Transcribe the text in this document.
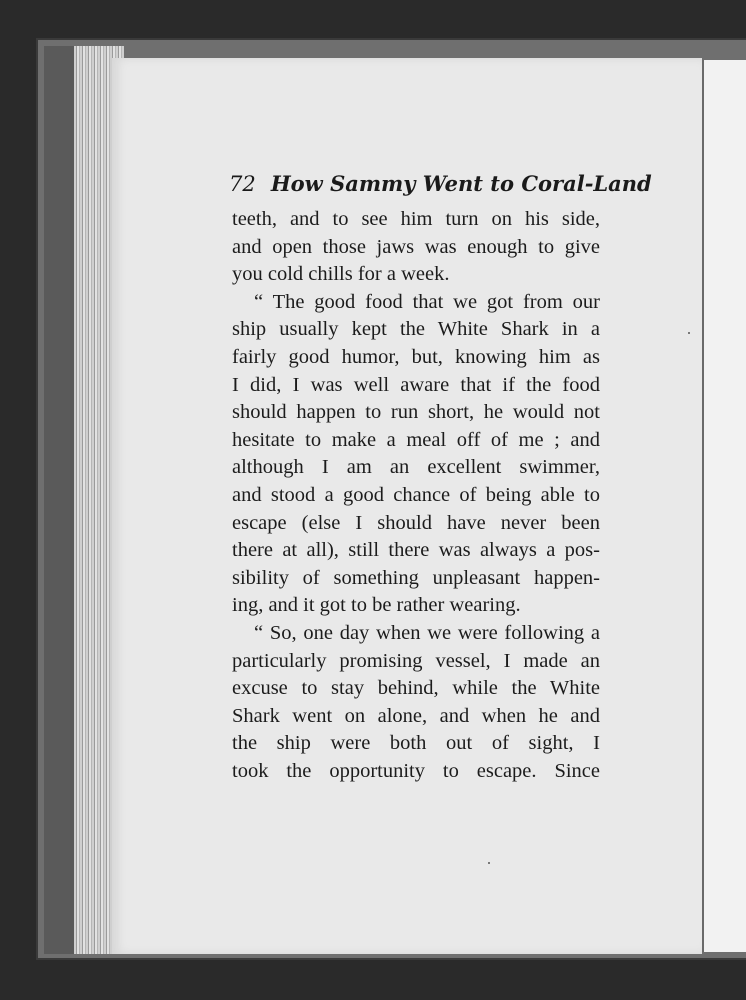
72 How Sammy Went to Coral-Land
teeth, and to see him turn on his side,
and open those jaws was enough to give
you cold chills for a week.
“ The good food that we got from our
ship usually kept the White Shark in a
fairly good humor, but, knowing him as
I did, I was well aware that if the food
should happen to run short, he would not
hesitate to make a meal off of me ; and
although I am an excellent swimmer,
and stood a good chance of being able to
escape (else I should have never been
there at all), still there was always a pos-
sibility of something unpleasant happen-
ing, and it got to be rather wearing.
“ So, one day when we were following a
particularly promising vessel, I made an
excuse to stay behind, while the White
Shark went on alone, and when he and
the ship were both out of sight, I
took the opportunity to escape. Since
